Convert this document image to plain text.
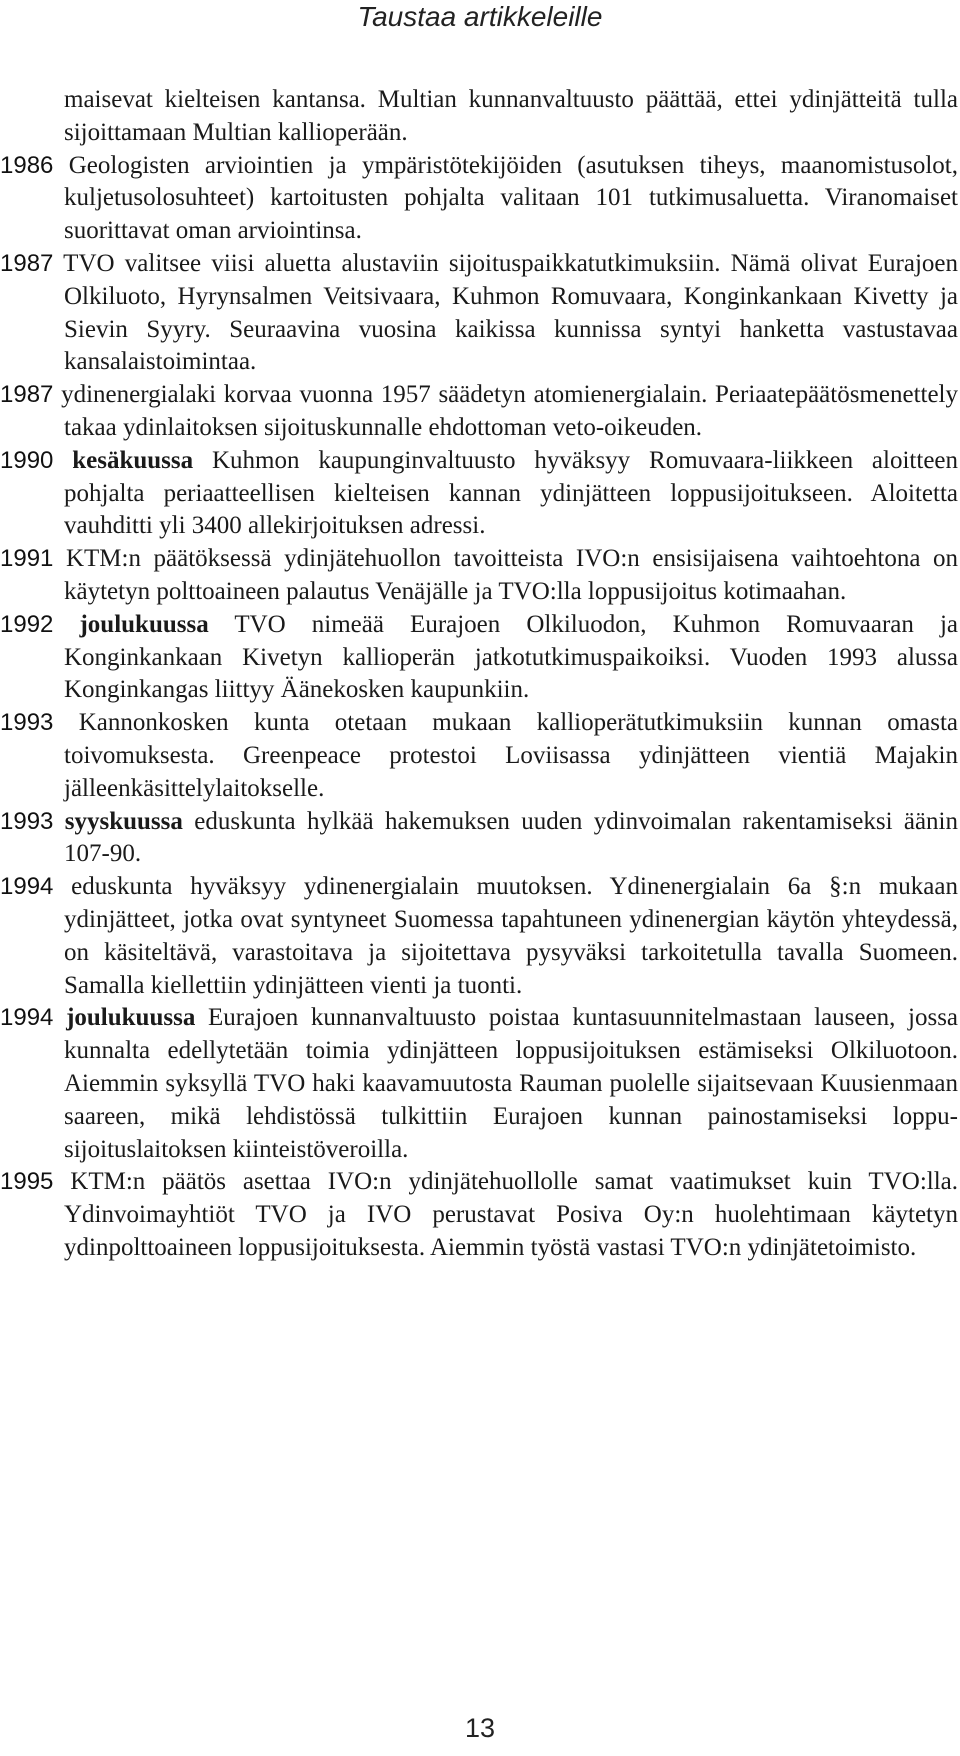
Taustaa artikkeleille

maisevat kielteisen kantansa. Multian kunnanvaltuusto päättää, ettei ydinjätteitä tulla sijoittamaan Multian kallioperään.

1986 Geologisten arviointien ja ympäristötekijöiden (asutuksen tiheys, maanomistusolot, kuljetusolosuhteet) kartoitusten pohjalta valitaan 101 tutkimusaluetta. Viranomaiset suorittavat oman arviointinsa.

1987 TVO valitsee viisi aluetta alustaviin sijoituspaikkatutkimuksiin. Nämä olivat Eurajoen Olkiluoto, Hyrynsalmen Veitsivaara, Kuhmon Romuvaara, Konginkankaan Kivetty ja Sievin Syyry. Seuraavina vuosina kaikissa kunnissa syntyi hanketta vastustavaa kansalaistoimintaa.

1987 ydinenergialaki korvaa vuonna 1957 säädetyn atomienergialain. Periaatepäätösmenettely takaa ydinlaitoksen sijoituskunnalle ehdottoman veto-oikeuden.

1990 kesäkuussa Kuhmon kaupunginvaltuusto hyväksyy Romuvaara-liikkeen aloitteen pohjalta periaatteellisen kielteisen kannan ydinjätteen loppusijoitukseen. Aloitetta vauhditti yli 3400 allekirjoituksen adressi.

1991 KTM:n päätöksessä ydinjätehuollon tavoitteista IVO:n ensisijaisena vaihtoehtona on käytetyn polttoaineen palautus Venäjälle ja TVO:lla loppusijoitus kotimaahan.

1992 joulukuussa TVO nimeää Eurajoen Olkiluodon, Kuhmon Romuvaaran ja Konginkankaan Kivetyn kallioperän jatkotutkimuspaikoiksi. Vuoden 1993 alussa Konginkangas liittyy Äänekosken kaupunkiin.

1993 Kannonkosken kunta otetaan mukaan kallioperätutkimuksiin kunnan omasta toivomuksesta. Greenpeace protestoi Loviisassa ydinjätteen vientiä Majakin jälleenkäsittelylaitokselle.

1993 syyskuussa eduskunta hylkää hakemuksen uuden ydinvoimalan rakentamiseksi äänin 107-90.

1994 eduskunta hyväksyy ydinenergialain muutoksen. Ydinenergialain 6a §:n mukaan ydinjätteet, jotka ovat syntyneet Suomessa tapahtuneen ydinenergian käytön yhteydessä, on käsiteltävä, varastoitava ja sijoitettava pysyväksi tarkoitetulla tavalla Suomeen. Samalla kiellettiin ydinjätteen vienti ja tuonti.

1994 joulukuussa Eurajoen kunnanvaltuusto poistaa kuntasuunnitelmastaan lauseen, jossa kunnalta edellytetään toimia ydinjätteen loppusijoituksen estämiseksi Olkiluotoon. Aiemmin syksyllä TVO haki kaavamuutosta Rauman puolelle sijaitsevaan Kuusienmaan saareen, mikä lehdistössä tulkittiin Eurajoen kunnan painostamiseksi loppusijoituslaitoksen kiinteistöveroilla.

1995 KTM:n päätös asettaa IVO:n ydinjätehuollolle samat vaatimukset kuin TVO:lla. Ydinvoimayhtiöt TVO ja IVO perustavat Posiva Oy:n huolehtimaan käytetyn ydinpolttoaineen loppusijoituksesta. Aiemmin työstä vastasi TVO:n ydinjätetoimisto.

13
